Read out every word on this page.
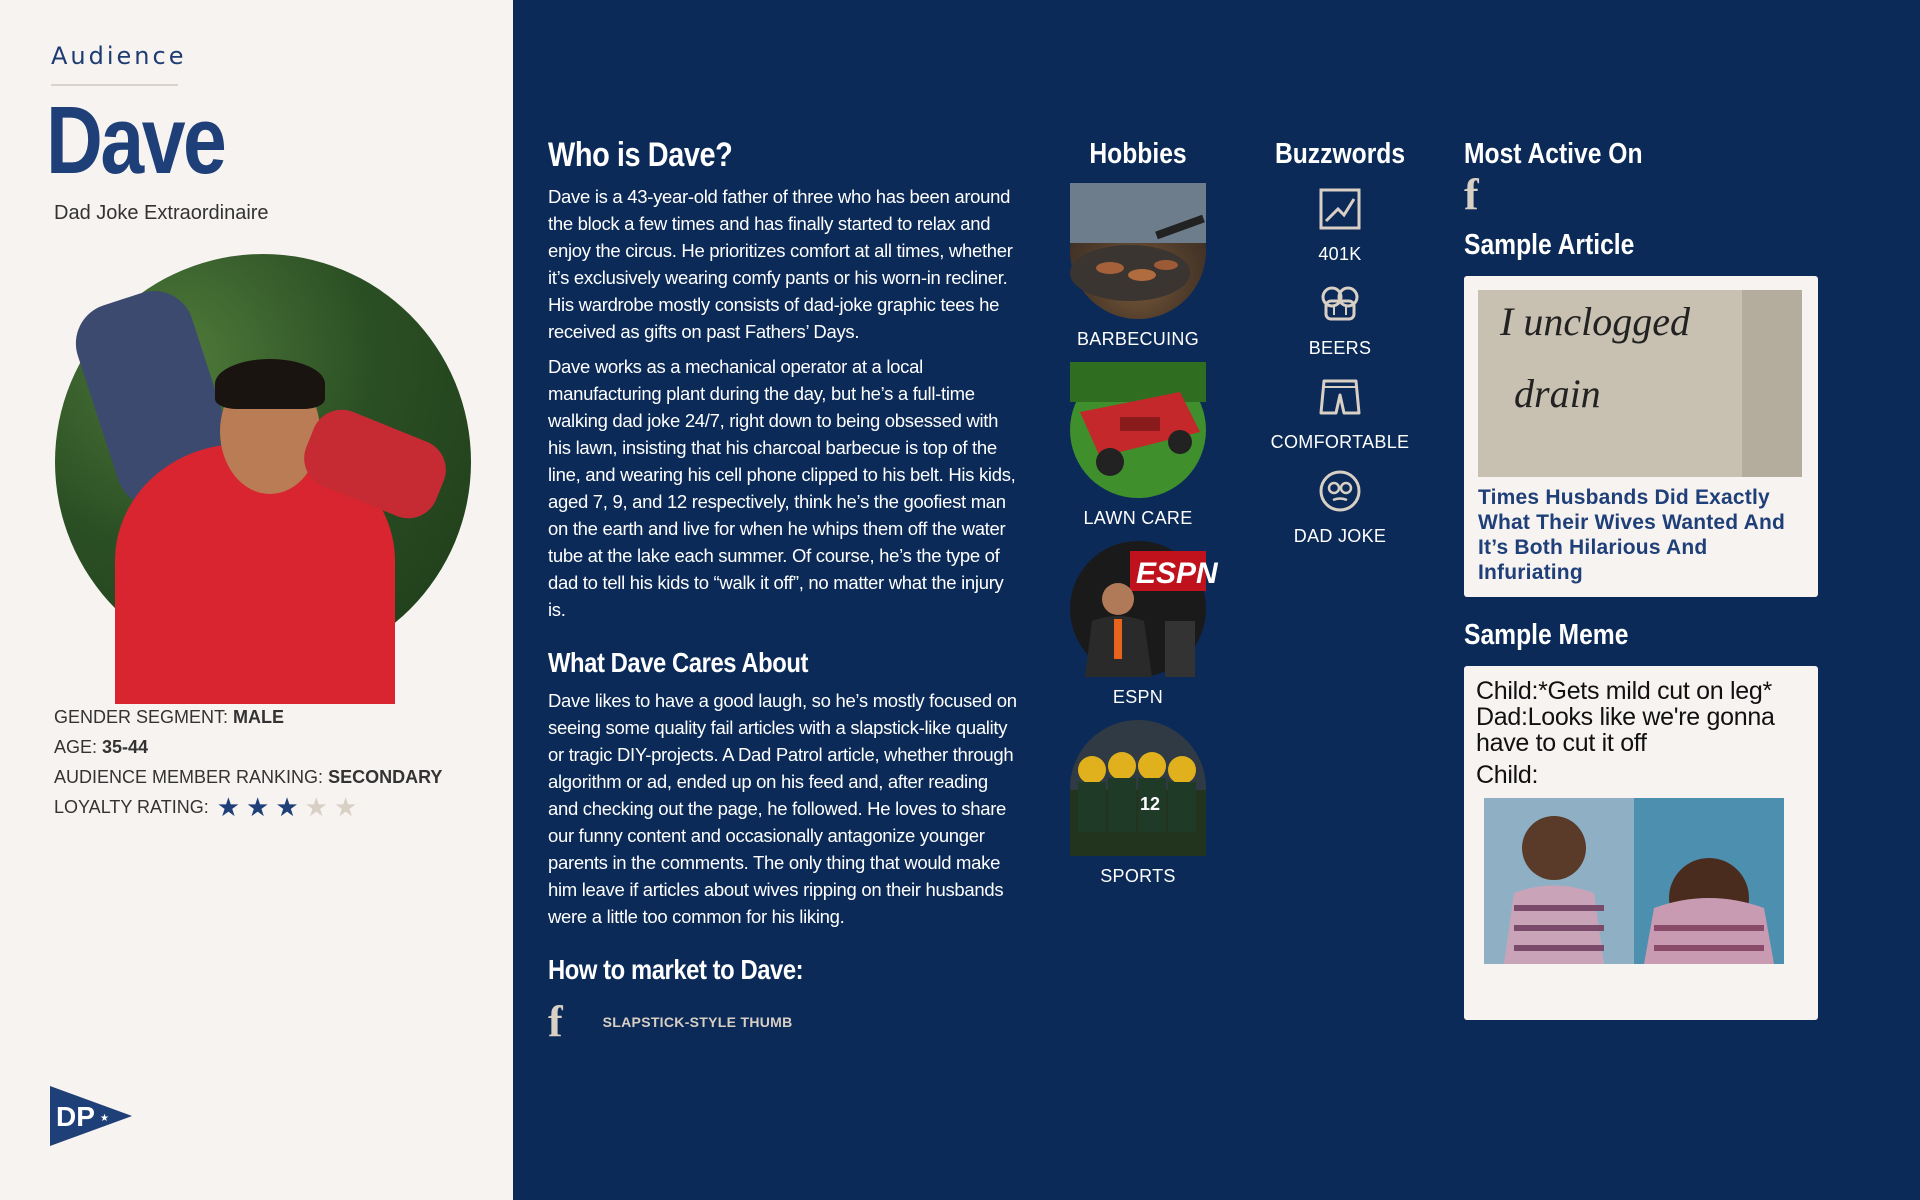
Audience
Dave
Dad Joke Extraordinaire
GENDER SEGMENT:
MALE
AGE:
35-44
AUDIENCE MEMBER RANKING:
SECONDARY
LOYALTY RATING: ★ ★ ★ ★ ★
DP ★
Who is Dave?

Dave is a 43-year-old father of three who has been around the block a few times and has finally started to relax and enjoy the circus. He prioritizes comfort at all times, whether it’s exclusively wearing comfy pants or his worn-in recliner. His wardrobe mostly consists of dad-joke graphic tees he received as gifts on past Fathers’ Days.

Dave works as a mechanical operator at a local manufacturing plant during the day, but he’s a full-time walking dad joke 24/7, right down to being obsessed with his lawn, insisting that his charcoal barbecue is top of the line, and wearing his cell phone clipped to his belt. His kids, aged 7, 9, and 12 respectively, think he’s the goofiest man on the earth and live for when he whips them off the water tube at the lake each summer. Of course, he’s the type of dad to tell his kids to “walk it off”, no matter what the injury is.

What Dave Cares About

Dave likes to have a good laugh, so he’s mostly focused on seeing some quality fail articles with a slapstick-like quality or tragic DIY-projects. A Dad Patrol article, whether through algorithm or ad, ended up on his feed and, after reading and checking out the page, he followed. He loves to share our funny content and occasionally antagonize younger parents in the comments. The only thing that would make him leave if articles about wives ripping on their husbands were a little too common for his liking.

How to market to Dave:
f	SLAPSTICK-STYLE THUMB
Hobbies
BARBECUING
LAWN CARE
ESPN
ESPN
12
SPORTS
Buzzwords
401K
BEERS
COMFORTABLE
DAD JOKE
Most Active On
f
Sample Article
I unclogged
drain
Times Husbands Did Exactly What Their Wives Wanted And It’s Both Hilarious And Infuriating
Sample Meme
Child:*Gets mild cut on leg*
Dad:Looks like we're gonna have to cut it off
Child:
